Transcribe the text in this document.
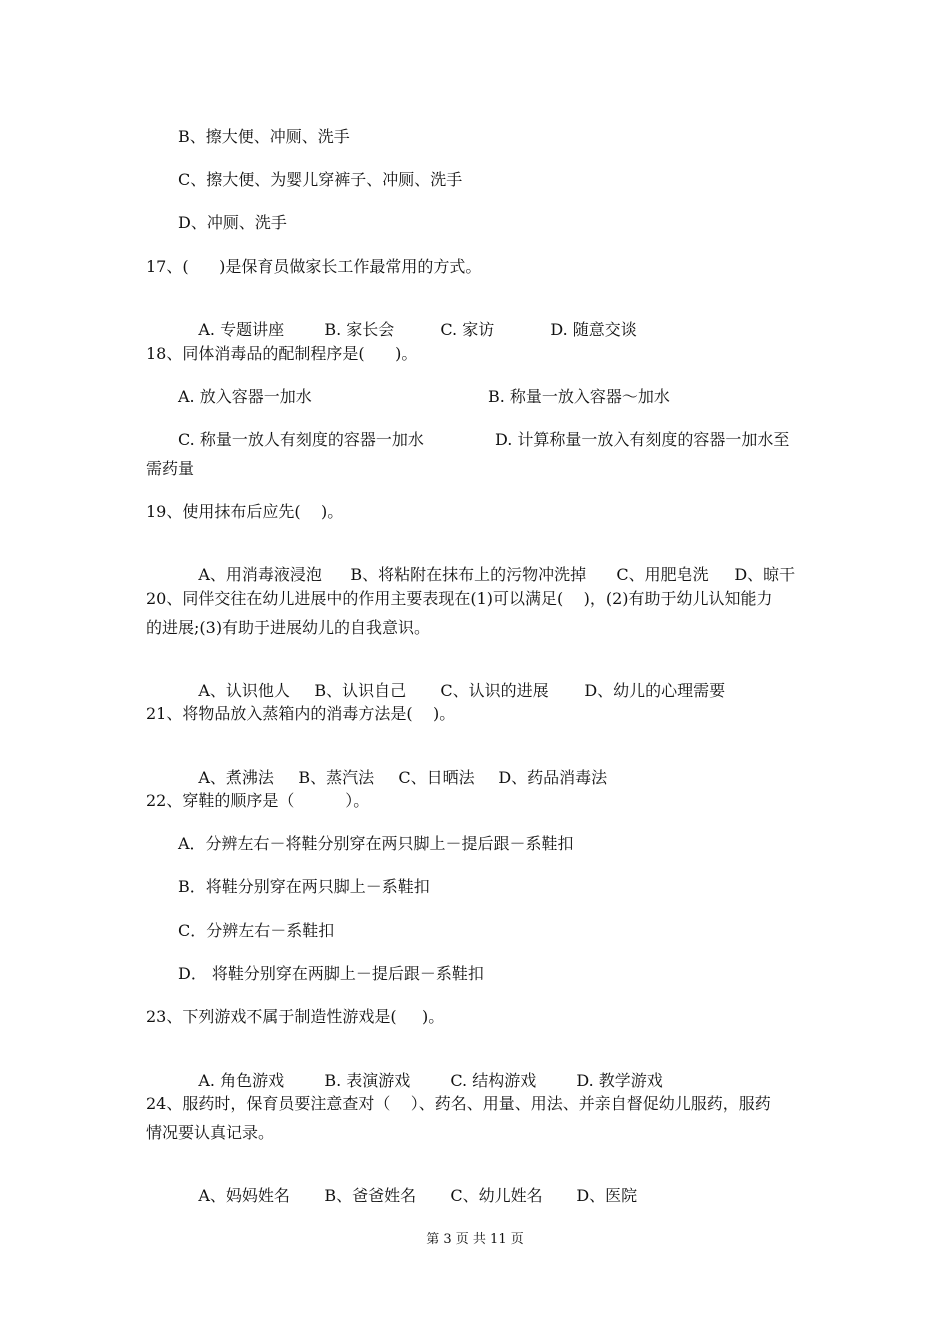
B、擦大便、冲厕、洗手
C、擦大便、为婴儿穿裤子、冲厕、洗手
D、冲厕、洗手
17、(      )是保育员做家长工作最常用的方式。

A. 专题讲座	B. 家长会	C. 家访	D. 随意交谈

18、同体消毒品的配制程序是(      )。
A. 放入容器一加水	B. 称量一放入容器～加水
C. 称量一放人有刻度的容器一加水	D. 计算称量一放入有刻度的容器一加水至
需药量
19、使用抹布后应先(    )。

A、用消毒液浸泡 B、将粘附在抹布上的污物冲洗掉 C、用肥皂洗 D、晾干

20、同伴交往在幼儿进展中的作用主要表现在(1)可以满足(    )，(2)有助于幼儿认知能力
的进展;(3)有助于进展幼儿的自我意识。

A、认识他人 B、认识自己 C、认识的进展 D、幼儿的心理需要

21、将物品放入蒸箱内的消毒方法是(    )。

A、煮沸法 B、蒸汽法 C、日晒法 D、药品消毒法

22、穿鞋的顺序是（          ）。
A．分辨左右－将鞋分别穿在两只脚上－提后跟－系鞋扣
B．将鞋分别穿在两只脚上－系鞋扣
C．分辨左右－系鞋扣
D． 将鞋分别穿在两脚上－提后跟－系鞋扣
23、下列游戏不属于制造性游戏是(     )。

A. 角色游戏	B. 表演游戏	C. 结构游戏	D. 教学游戏

24、服药时，保育员要注意查对（    ）、药名、用量、用法、并亲自督促幼儿服药，服药
情况要认真记录。

A、妈妈姓名 B、爸爸姓名 C、幼儿姓名 D、医院

第 3 页 共 11 页
